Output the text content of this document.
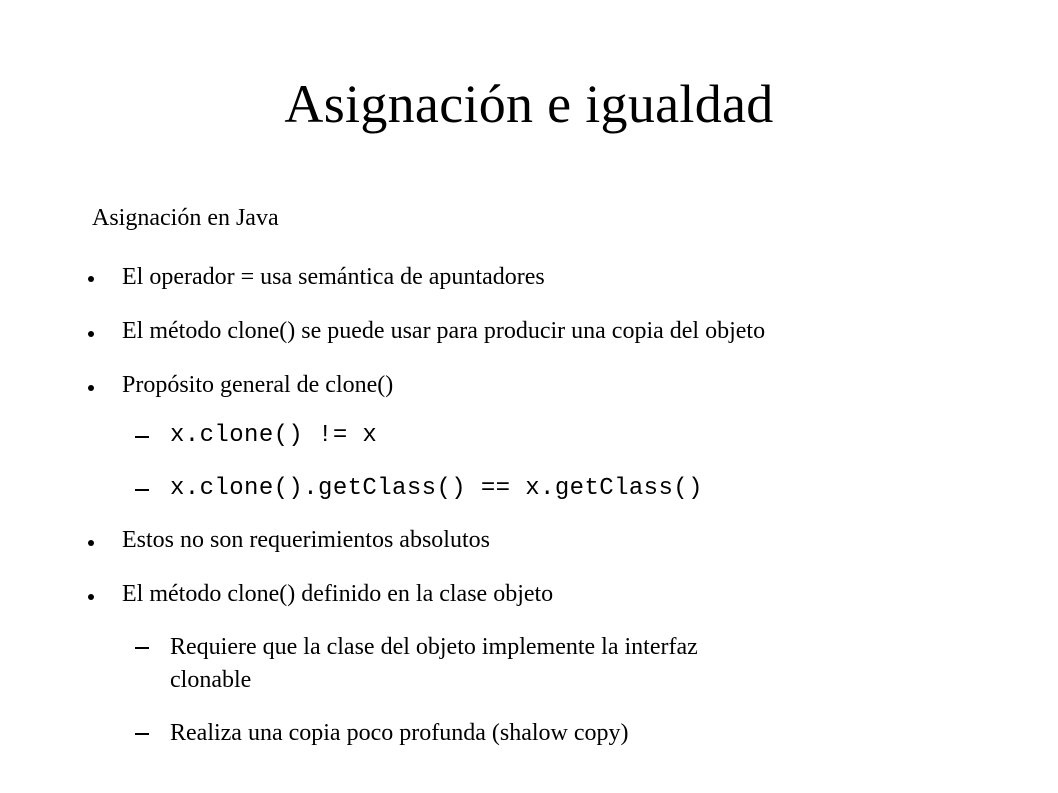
Asignación e igualdad
Asignación en Java
El operador = usa semántica de apuntadores
El método clone() se puede usar para producir una copia del objeto
Propósito general de clone()
x.clone() != x
x.clone().getClass() == x.getClass()
Estos no son requerimientos absolutos
El método clone() definido en la clase objeto
Requiere que la clase del objeto implemente la interfaz
clonable
Realiza una copia poco profunda (shalow copy)
